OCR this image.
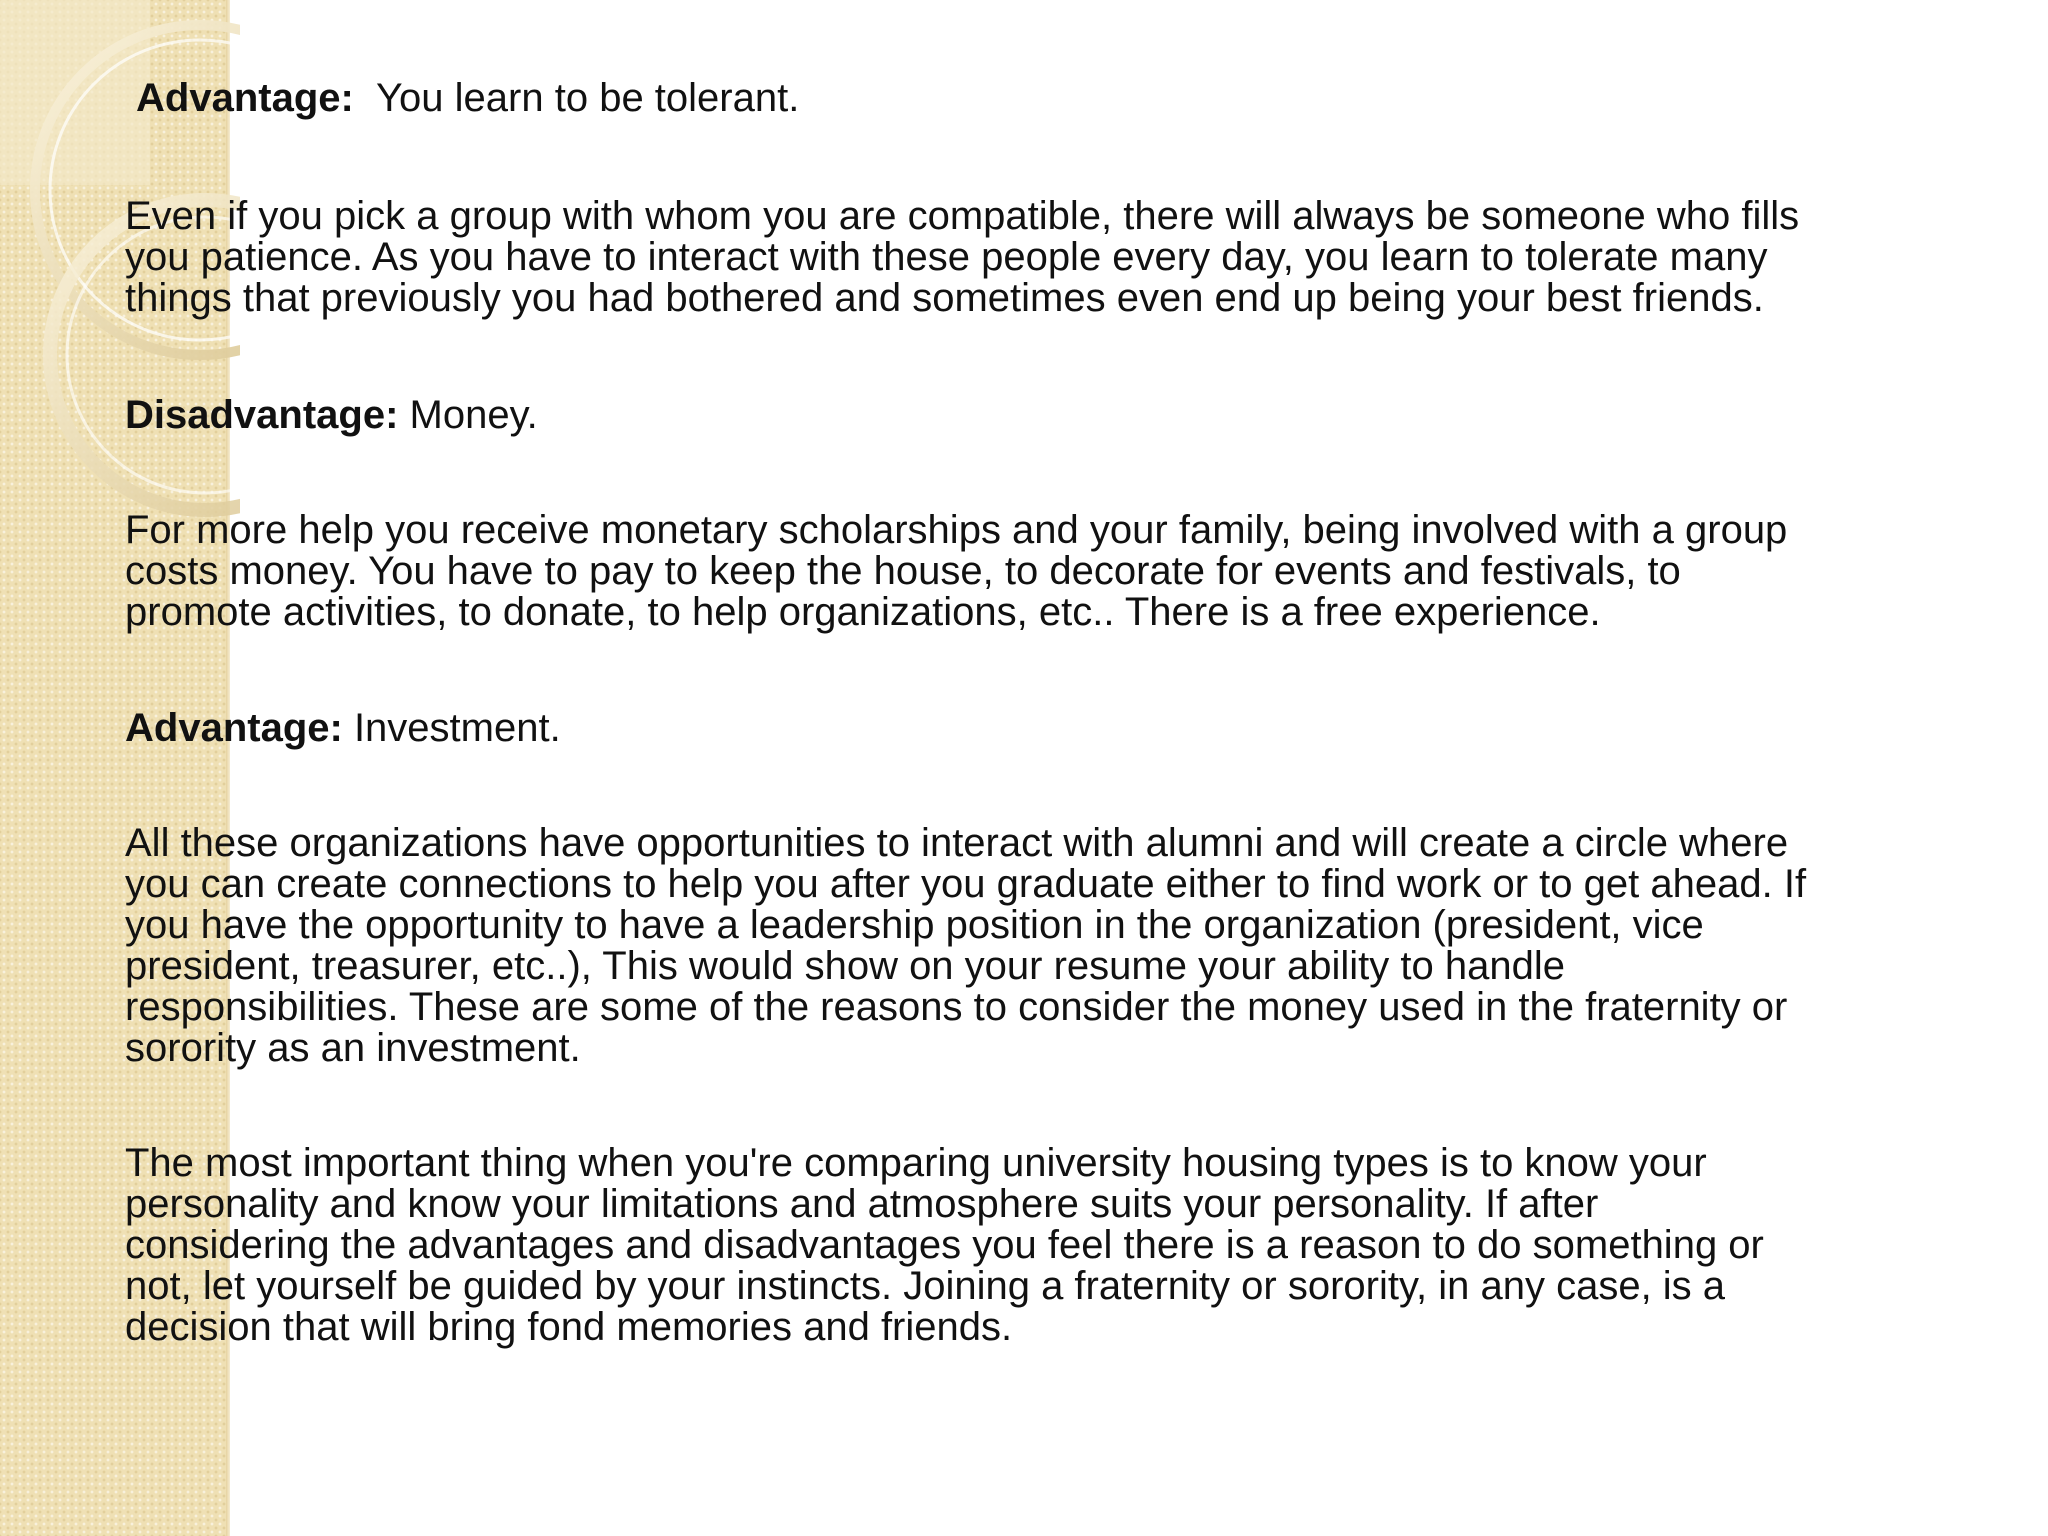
Advantage: You learn to be tolerant.

Even if you pick a group with whom you are compatible, there will always be someone who fills
you patience. As you have to interact with these people every day, you learn to tolerate many
things that previously you had bothered and sometimes even end up being your best friends.

Disadvantage: Money.

For more help you receive monetary scholarships and your family, being involved with a group
costs money. You have to pay to keep the house, to decorate for events and festivals, to
promote activities, to donate, to help organizations, etc.. There is a free experience.

Advantage: Investment.

All these organizations have opportunities to interact with alumni and will create a circle where
you can create connections to help you after you graduate either to find work or to get ahead. If
you have the opportunity to have a leadership position in the organization (president, vice
president, treasurer, etc..), This would show on your resume your ability to handle
responsibilities. These are some of the reasons to consider the money used in the fraternity or
sorority as an investment.
The most important thing when you're comparing university housing types is to know your
personality and know your limitations and atmosphere suits your personality. If after
considering the advantages and disadvantages you feel there is a reason to do something or
not, let yourself be guided by your instincts. Joining a fraternity or sorority, in any case, is a
decision that will bring fond memories and friends.
